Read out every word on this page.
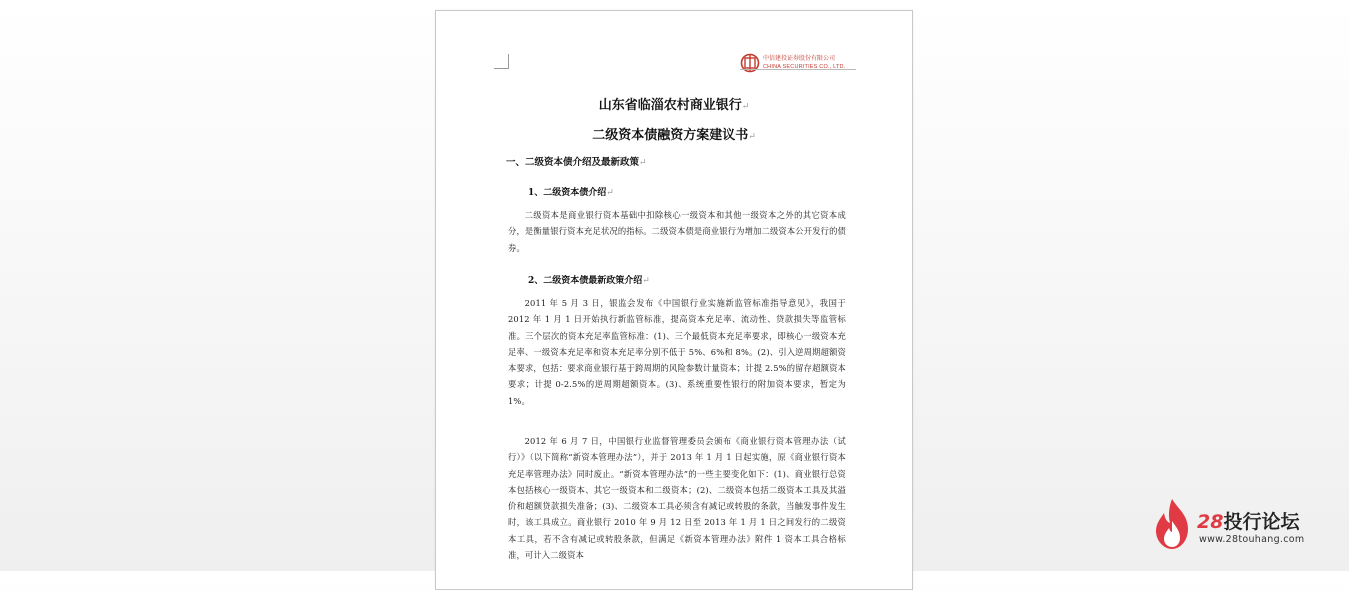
中信建投证券股份有限公司
CHINA SECURITIES CO., LTD.
山东省临淄农村商业银行↵
二级资本债融资方案建议书↵
一、二级资本债介绍及最新政策↵
1、二级资本债介绍↵
二级资本是商业银行资本基础中扣除核心一级资本和其他一级资本之外的其它资本成分，是衡量银行资本充足状况的指标。二级资本债是商业银行为增加二级资本公开发行的债券。
2、二级资本债最新政策介绍↵
2011 年 5 月 3 日，银监会发布《中国银行业实施新监管标准指导意见》，我国于 2012 年 1 月 1 日开始执行新监管标准，提高资本充足率、流动性、贷款损失等监管标准。三个层次的资本充足率监管标准：(1)、三个最低资本充足率要求，即核心一级资本充足率、一级资本充足率和资本充足率分别不低于 5%、6%和 8%。(2)、引入逆周期超额资本要求，包括：要求商业银行基于跨周期的风险参数计量资本；计提 2.5%的留存超额资本要求；计提 0-2.5%的逆周期超额资本。(3)、系统重要性银行的附加资本要求，暂定为 1%。
2012 年 6 月 7 日，中国银行业监督管理委员会颁布《商业银行资本管理办法（试行）》（以下简称“新资本管理办法”），并于 2013 年 1 月 1 日起实施，原《商业银行资本充足率管理办法》同时废止。“新资本管理办法”的一些主要变化如下：(1)、商业银行总资本包括核心一级资本、其它一级资本和二级资本；(2)、二级资本包括二级资本工具及其溢价和超额贷款损失准备；(3)、二级资本工具必须含有减记或转股的条款，当触发事件发生时，该工具成立。商业银行 2010 年 9 月 12 日至 2013 年 1 月 1 日之间发行的二级资本工具，若不含有减记或转股条款，但满足《新资本管理办法》附件 1 资本工具合格标准，可计入二级资本
28投行论坛
www.28touhang.com
